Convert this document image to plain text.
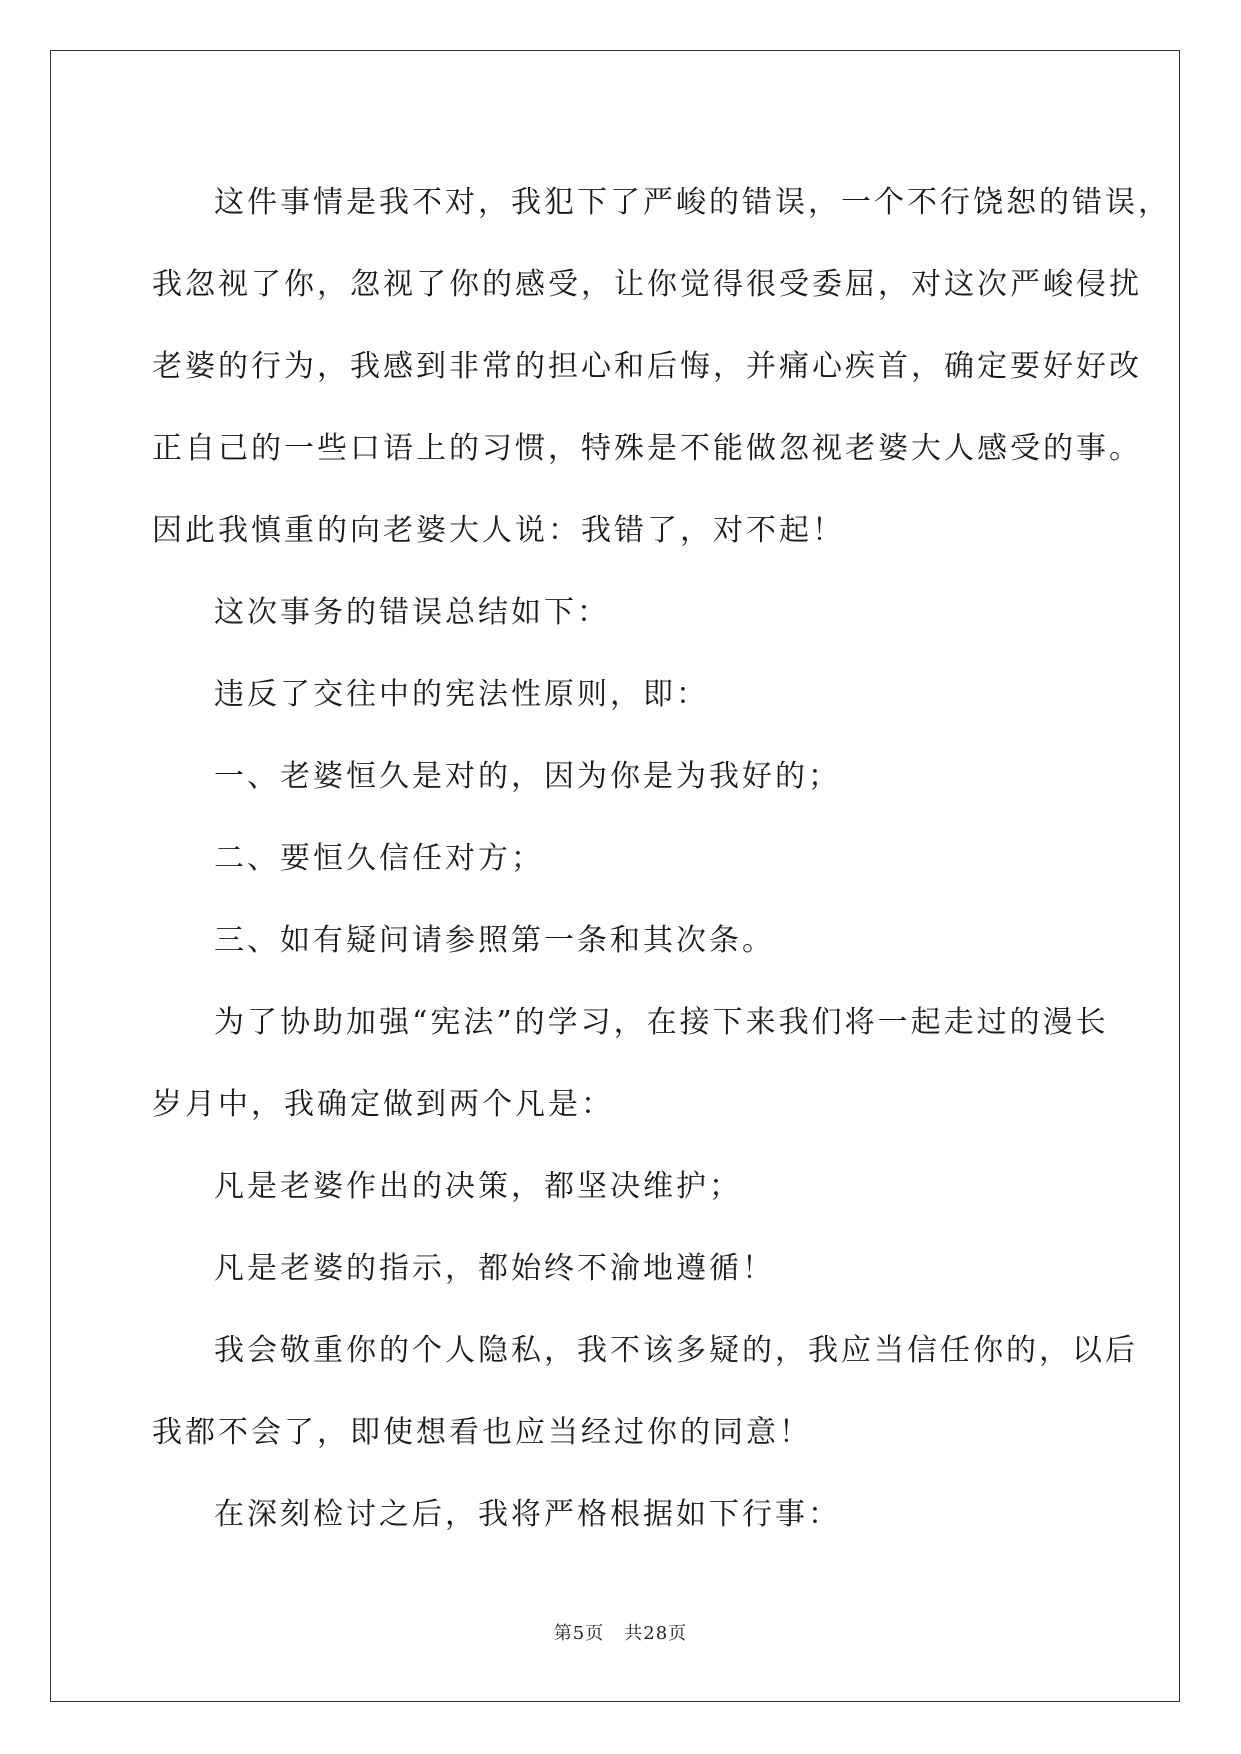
这件事情是我不对，我犯下了严峻的错误，一个不行饶恕的错误，
我忽视了你，忽视了你的感受，让你觉得很受委屈，对这次严峻侵扰
老婆的行为，我感到非常的担心和后悔，并痛心疾首，确定要好好改
正自己的一些口语上的习惯，特殊是不能做忽视老婆大人感受的事。
因此我慎重的向老婆大人说：我错了，对不起！
这次事务的错误总结如下：
违反了交往中的宪法性原则，即：
一、老婆恒久是对的，因为你是为我好的；
二、要恒久信任对方；
三、如有疑问请参照第一条和其次条。
为了协助加强“宪法”的学习，在接下来我们将一起走过的漫长
岁月中，我确定做到两个凡是：
凡是老婆作出的决策，都坚决维护；
凡是老婆的指示，都始终不渝地遵循！
我会敬重你的个人隐私，我不该多疑的，我应当信任你的，以后
我都不会了，即使想看也应当经过你的同意！
在深刻检讨之后，我将严格根据如下行事：
第5页 共28页
